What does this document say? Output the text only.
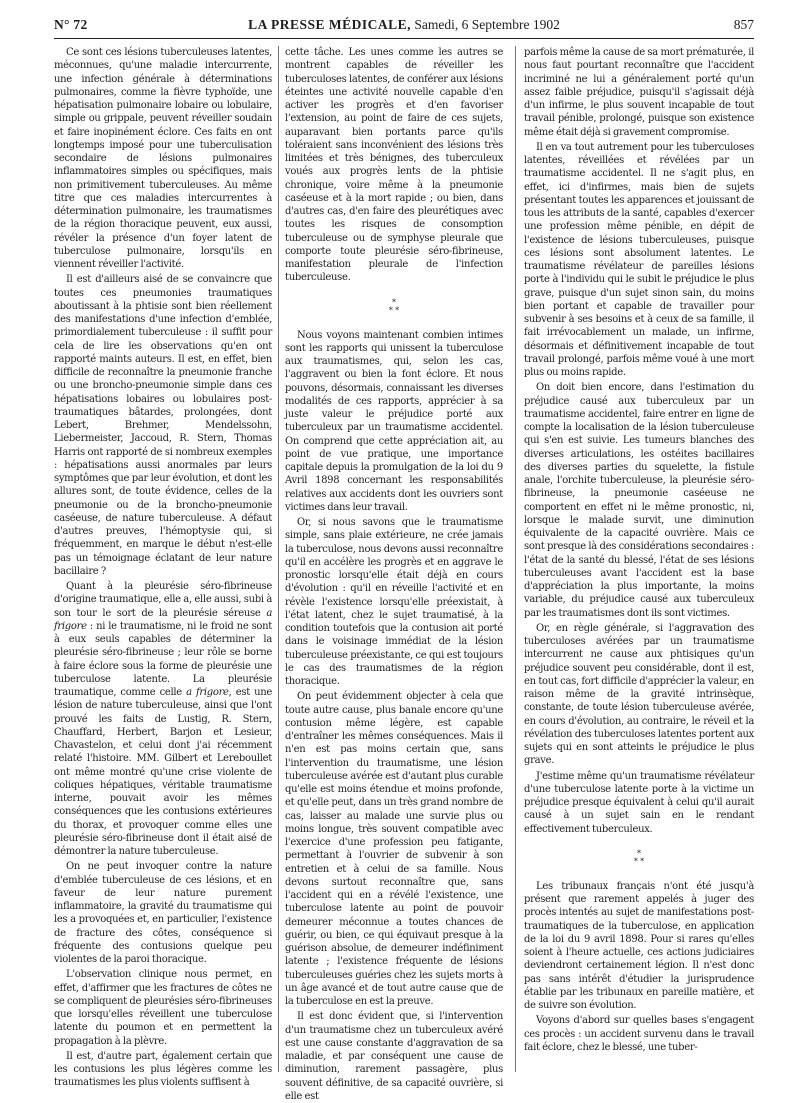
N° 72	LA PRESSE MÉDICALE, Samedi, 6 Septembre 1902	857

Ce sont ces lésions tuberculeuses latentes, méconnues, qu'une maladie intercurrente, une infection générale à déterminations pulmonaires, comme la fièvre typhoïde, une hépatisation pulmonaire lobaire ou lobulaire, simple ou grippale, peuvent réveiller soudain et faire inopinément éclore. Ces faits en ont longtemps imposé pour une tuberculisation secondaire de lésions pulmonaires inflammatoires simples ou spécifiques, mais non primitivement tuberculeuses. Au même titre que ces maladies intercurrentes à détermination pulmonaire, les traumatismes de la région thoracique peuvent, eux aussi, révéler la présence d'un foyer latent de tuberculose pulmonaire, lorsqu'ils en viennent réveiller l'activité.

Il est d'ailleurs aisé de se convaincre que toutes ces pneumonies traumatiques aboutissant à la phtisie sont bien réellement des manifestations d'une infection d'emblée, primordialement tuberculeuse : il suffit pour cela de lire les observations qu'en ont rapporté maints auteurs. Il est, en effet, bien difficile de reconnaître la pneumonie franche ou une broncho-pneumonie simple dans ces hépatisations lobaires ou lobulaires post-traumatiques bâtardes, prolongées, dont Lebert, Brehmer, Mendelssohn, Liebermeister, Jaccoud, R. Stern, Thomas Harris ont rapporté de si nombreux exemples : hépatisations aussi anormales par leurs symptômes que par leur évolution, et dont les allures sont, de toute évidence, celles de la pneumonie ou de la broncho-pneumonie caséeuse, de nature tuberculeuse. A défaut d'autres preuves, l'hémoptysie qui, si fréquemment, en marque le début n'est-elle pas un témoignage éclatant de leur nature bacillaire ?

Quant à la pleurésie séro-fibrineuse d'origine traumatique, elle a, elle aussi, subi à son tour le sort de la pleurésie séreuse a frigore : ni le traumatisme, ni le froid ne sont à eux seuls capables de déterminer la pleurésie séro-fibrineuse ; leur rôle se borne à faire éclore sous la forme de pleurésie une tuberculose latente. La pleurésie traumatique, comme celle a frigore, est une lésion de nature tuberculeuse, ainsi que l'ont prouvé les faits de Lustig, R. Stern, Chauffard, Herbert, Barjon et Lesieur, Chavastelon, et celui dont j'ai récemment relaté l'histoire. MM. Gilbert et Lereboullet ont même montré qu'une crise violente de coliques hépatiques, véritable traumatisme interne, pouvait avoir les mêmes conséquences que les contusions extérieures du thorax, et provoquer comme elles une pleurésie séro-fibrineuse dont il était aisé de démontrer la nature tuberculeuse.

On ne peut invoquer contre la nature d'emblée tuberculeuse de ces lésions, et en faveur de leur nature purement inflammatoire, la gravité du traumatisme qui les a provoquées et, en particulier, l'existence de fracture des côtes, conséquence si fréquente des contusions quelque peu violentes de la paroi thoracique.

L'observation clinique nous permet, en effet, d'affirmer que les fractures de côtes ne se compliquent de pleurésies séro-fibrineuses que lorsqu'elles réveillent une tuberculose latente du poumon et en permettent la propagation à la plèvre.

Il est, d'autre part, également certain que les contusions les plus légères comme les traumatismes les plus violents suffisent à

cette tâche. Les unes comme les autres se montrent capables de réveiller les tuberculoses latentes, de conférer aux lésions éteintes une activité nouvelle capable d'en activer les progrès et d'en favoriser l'extension, au point de faire de ces sujets, auparavant bien portants parce qu'ils toléraient sans inconvénient des lésions très limitées et très bénignes, des tuberculeux voués aux progrès lents de la phtisie chronique, voire même à la pneumonie caséeuse et à la mort rapide ; ou bien, dans d'autres cas, d'en faire des pleurétiques avec toutes les risques de consomption tuberculeuse ou de symphyse pleurale que comporte toute pleurésie séro-fibrineuse, manifestation pleurale de l'infection tuberculeuse.

*
* *

Nous voyons maintenant combien intimes sont les rapports qui unissent la tuberculose aux traumatismes, qui, selon les cas, l'aggravent ou bien la font éclore. Et nous pouvons, désormais, connaissant les diverses modalités de ces rapports, apprécier à sa juste valeur le préjudice porté aux tuberculeux par un traumatisme accidentel. On comprend que cette appréciation ait, au point de vue pratique, une importance capitale depuis la promulgation de la loi du 9 Avril 1898 concernant les responsabilités relatives aux accidents dont les ouvriers sont victimes dans leur travail.

Or, si nous savons que le traumatisme simple, sans plaie extérieure, ne crée jamais la tuberculose, nous devons aussi reconnaître qu'il en accélère les progrès et en aggrave le pronostic lorsqu'elle était déjà en cours d'évolution : qu'il en réveille l'activité et en révèle l'existence lorsqu'elle préexistait, à l'état latent, chez le sujet traumatisé, à la condition toutefois que la contusion ait porté dans le voisinage immédiat de la lésion tuberculeuse préexistante, ce qui est toujours le cas des traumatismes de la région thoracique.

On peut évidemment objecter à cela que toute autre cause, plus banale encore qu'une contusion même légère, est capable d'entraîner les mêmes conséquences. Mais il n'en est pas moins certain que, sans l'intervention du traumatisme, une lésion tuberculeuse avérée est d'autant plus curable qu'elle est moins étendue et moins profonde, et qu'elle peut, dans un très grand nombre de cas, laisser au malade une survie plus ou moins longue, très souvent compatible avec l'exercice d'une profession peu fatigante, permettant à l'ouvrier de subvenir à son entretien et à celui de sa famille. Nous devons surtout reconnaître que, sans l'accident qui en a révélé l'existence, une tuberculose latente au point de pouvoir demeurer méconnue a toutes chances de guérir, ou bien, ce qui équivaut presque à la guérison absolue, de demeurer indéfiniment latente ; l'existence fréquente de lésions tuberculeuses guéries chez les sujets morts à un âge avancé et de tout autre cause que de la tuberculose en est la preuve.

Il est donc évident que, si l'intervention d'un traumatisme chez un tuberculeux avéré est une cause constante d'aggravation de sa maladie, et par conséquent une cause de diminution, rarement passagère, plus souvent définitive, de sa capacité ouvrière, si elle est

parfois même la cause de sa mort prématurée, il nous faut pourtant reconnaître que l'accident incriminé ne lui a généralement porté qu'un assez faible préjudice, puisqu'il s'agissait déjà d'un infirme, le plus souvent incapable de tout travail pénible, prolongé, puisque son existence même était déjà si gravement compromise.

Il en va tout autrement pour les tuberculoses latentes, réveillées et révélées par un traumatisme accidentel. Il ne s'agit plus, en effet, ici d'infirmes, mais bien de sujets présentant toutes les apparences et jouissant de tous les attributs de la santé, capables d'exercer une profession même pénible, en dépit de l'existence de lésions tuberculeuses, puisque ces lésions sont absolument latentes. Le traumatisme révélateur de pareilles lésions porte à l'individu qui le subit le préjudice le plus grave, puisque d'un sujet sinon sain, du moins bien portant et capable de travailler pour subvenir à ses besoins et à ceux de sa famille, il fait irrévocablement un malade, un infirme, désormais et définitivement incapable de tout travail prolongé, parfois même voué à une mort plus ou moins rapide.

On doit bien encore, dans l'estimation du préjudice causé aux tuberculeux par un traumatisme accidentel, faire entrer en ligne de compte la localisation de la lésion tuberculeuse qui s'en est suivie. Les tumeurs blanches des diverses articulations, les ostéites bacillaires des diverses parties du squelette, la fistule anale, l'orchite tuberculeuse, la pleurésie séro-fibrineuse, la pneumonie caséeuse ne comportent en effet ni le même pronostic, ni, lorsque le malade survit, une diminution équivalente de la capacité ouvrière. Mais ce sont presque là des considérations secondaires : l'état de la santé du blessé, l'état de ses lésions tuberculeuses avant l'accident est la base d'appréciation la plus importante, la moins variable, du préjudice causé aux tuberculeux par les traumatismes dont ils sont victimes.

Or, en règle générale, si l'aggravation des tuberculoses avérées par un traumatisme intercurrent ne cause aux phtisiques qu'un préjudice souvent peu considérable, dont il est, en tout cas, fort difficile d'apprécier la valeur, en raison même de la gravité intrinsèque, constante, de toute lésion tuberculeuse avérée, en cours d'évolution, au contraire, le réveil et la révélation des tuberculoses latentes portent aux sujets qui en sont atteints le préjudice le plus grave.

J'estime même qu'un traumatisme révélateur d'une tuberculose latente porte à la victime un préjudice presque équivalent à celui qu'il aurait causé à un sujet sain en le rendant effectivement tuberculeux.

*
* *

Les tribunaux français n'ont été jusqu'à présent que rarement appelés à juger des procès intentés au sujet de manifestations post-traumatiques de la tuberculose, en application de la loi du 9 avril 1898. Pour si rares qu'elles soient à l'heure actuelle, ces actions judiciaires deviendront certainement légion. Il n'est donc pas sans intérêt d'étudier la jurisprudence établie par les tribunaux en pareille matière, et de suivre son évolution.

Voyons d'abord sur quelles bases s'engagent ces procès : un accident survenu dans le travail fait éclore, chez le blessé, une tuber-
